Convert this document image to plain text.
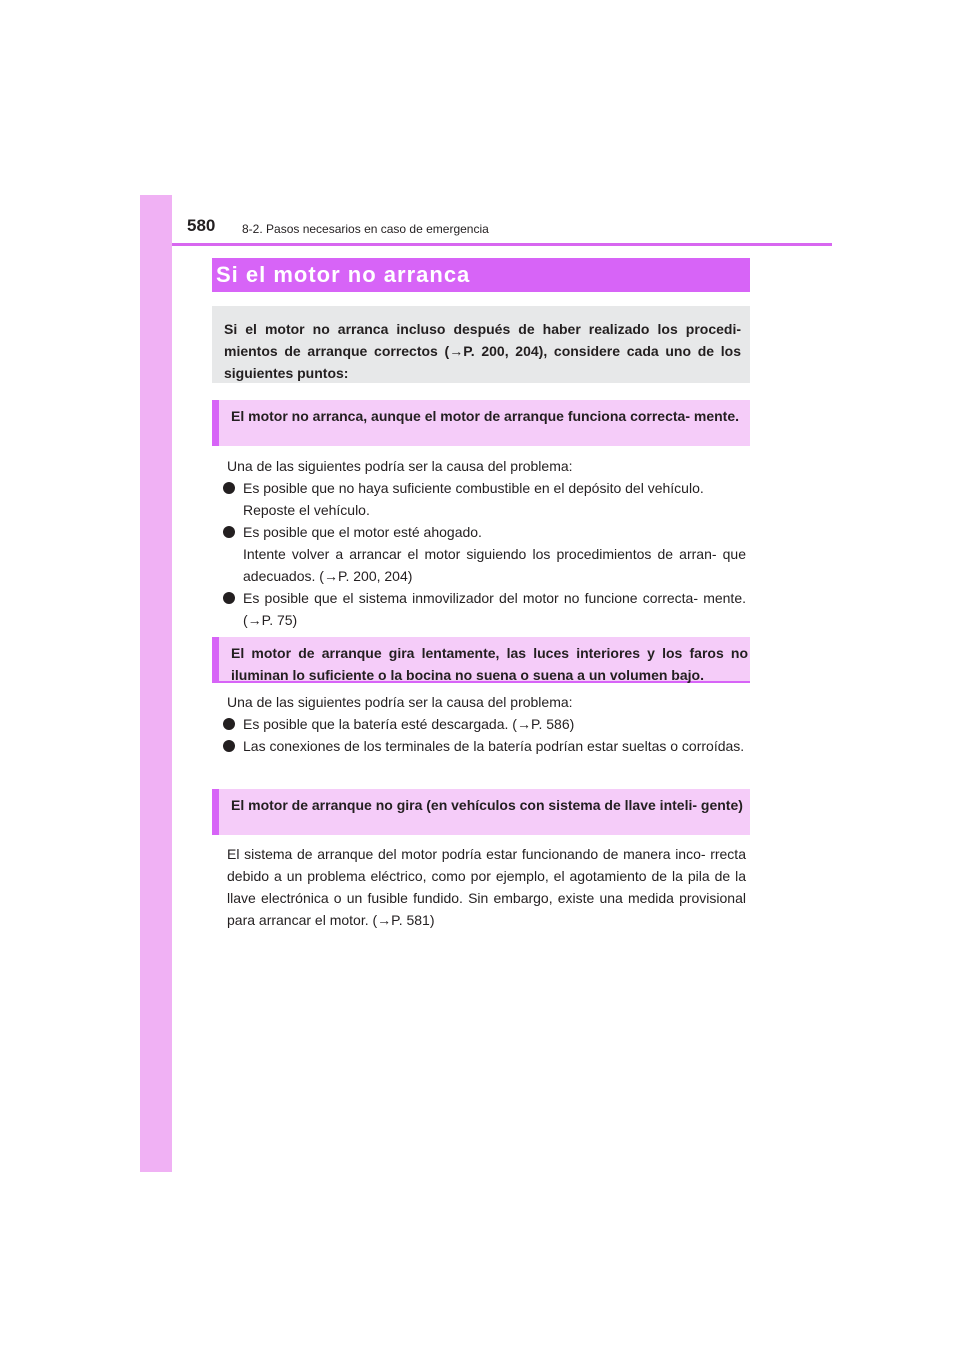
580 8-2. Pasos necesarios en caso de emergencia
Si el motor no arranca
Si el motor no arranca incluso después de haber realizado los procedi- mientos de arranque correctos (→P. 200, 204), considere cada uno de los siguientes puntos:
El motor no arranca, aunque el motor de arranque funciona correcta- mente.
Una de las siguientes podría ser la causa del problema:
Es posible que no haya suficiente combustible en el depósito del vehículo.
Reposte el vehículo.
Es posible que el motor esté ahogado.
Intente volver a arrancar el motor siguiendo los procedimientos de arran- que adecuados. (→P. 200, 204)
Es posible que el sistema inmovilizador del motor no funcione correcta- mente. (→P. 75)
El motor de arranque gira lentamente, las luces interiores y los faros no iluminan lo suficiente o la bocina no suena o suena a un volumen bajo.
Una de las siguientes podría ser la causa del problema:
Es posible que la batería esté descargada. (→P. 586)
Las conexiones de los terminales de la batería podrían estar sueltas o corroídas.
El motor de arranque no gira (en vehículos con sistema de llave inteli- gente)
El sistema de arranque del motor podría estar funcionando de manera inco- rrecta debido a un problema eléctrico, como por ejemplo, el agotamiento de la pila de la llave electrónica o un fusible fundido. Sin embargo, existe una medida provisional para arrancar el motor. (→P. 581)
